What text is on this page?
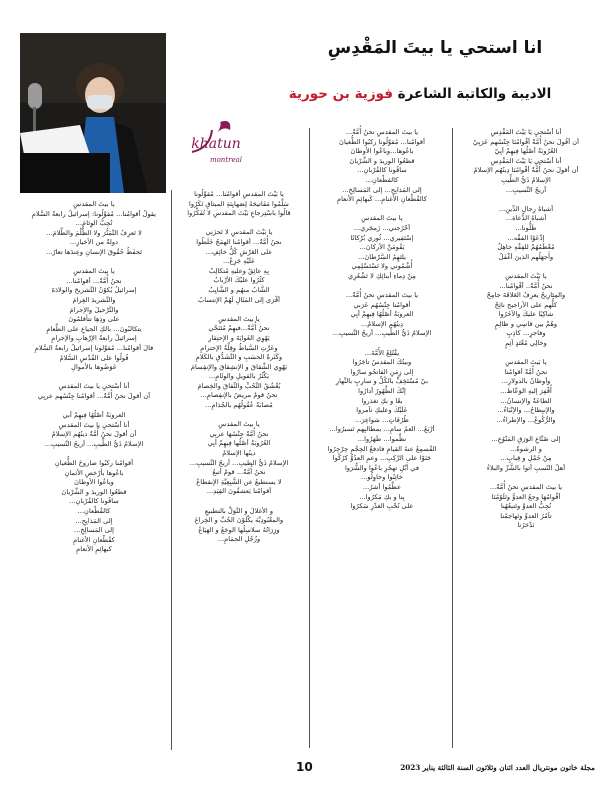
khatun
montreal
انا استحي يا بيتَ المَقْدِسِ
الاديبة والكاتبة الشاعرة فوزية بن حورية
أنا أسْتحيِ يَا بَيْتَ المَقْدِسِ
أن أقُولَ نحنُ أُمَّةٌ أقْوامُنَا جِنْسُهم عَرَبِيّ
العُرُوبَةُ أصْلُها فِيهِمْ أبِيّ
أنا أسْتحيِ يَا بَيْتَ المَقْدِسِ
أن أقولَ نحنُ أُمَّةٌ أقْوامُنَا دِينُهُم الإسلامُ
الإسلامُ ذَيُّ الطِّيبِ
أريجُ النَّسيبِ...

أشباهُ رِجالِ الدِّينِ...
أشباهُ الدُّعاة...
ظَلُّونا...
إدَّعَوْا الفقْه...
مُعْظَمُهُمْ للفِقْهِ جاهِلُ
وأَجهَلُهم الذينَ أغْفَلُ

يا بَيْتَ المقدسِ
نحنُ أُمَّةٌ.. أقْوامُنا...
والمِتَارِيحُ يعرِفُ العَلاقَةَ جامِحٌ
كلُّهم على الأراجيح نائِحٌ
شاكِيًا عليكَ والآخَرُوا
وهُمْ بين قاسِي و ظالِمٍ
وفاجرٍ... كاذِبٍ
وخالِي مُعْتَدٍ آثِمٍ

يا بَيتَ المقدسِ
نحنُ أُمَّةٌ أقوامُنا
وأوطانٌ بالدولارِ...
أُقْفِرَ إليهِ الوَعّاظ...
الطاعَةُ والإنسانُ...
والإنبِطاحُ... والإنْبَاءُ...
والرُّكُوعُ... والإطراءُ...

إلى صُنَّاعِ الوَرَقِ المَنْوُعِ...
و الرشوةُ...
مِنْ خَمْلِ و قِبابٍ...
أهلُ النّسبِ أتوا بالشَّرِّ والبلاءُ

يا بيتَ المقدسِ نحنُ أُمَّةٌ...
أقْوامُهَا وجعُ العدوُّ وتَلَوّمُنَا
نُحِبُّ العدوَّ وتَتبعُهُنا
تآمُرُ العدوِّ وتَهاجمُنا
نَدْحَرُنا
يا بيتَ المقدسِ نحنُ أُمَّةٌ...
أقوامُنا... مُقوَّلُونا ركبُوا الطُّغيانَ
باعُوها...وباعُوا الأوطانَ
قطعُوا الوريدَ و الشِّرْيانَ
ساقُونا كالقُرْبانِ...
كالقطْعانِ...
إلى المَذابِحِ... إلى المَسالِخِ...
كالقُطْعانِ الأغنامِ... كَبهائِمِ الأنعامِ

يا بيتَ المقدسِ
أحْرُجني... زَمجَري...
إسْتَفِيري... ثُوري بُرْكانًا
يَقُومَنَّ الأركانَ...
يلتَهِمُ السَّرْطانَ...
أُشْمُوني ولا تَسْتَسْلِمِي
مِنْ دِماءِ أبنائِكِ لا تَشْعُرِي

يا بيتَ المقدسِ نحنُ أُمَّةٌ...
أقوامُنا جِنْسُهُم عَرَبي
العروبَةُ أصْلُهُا فِيهِمْ أبِي
دِينُهُم الإسلامُ...
الإسلامُ ذَيُّ الطِّيبِ... أريجُ النَّسيبِ...

يقْتُلِعُ الأُمَّةَ...
وبيتُكَ المقدسُ تاجَرُوا
إلى زِمَنِ الفاتحُو سارُوا
بيْ مُسْتَخِفٍّ بالكُلِّ و سارِبٍ بالنَّهارِ
إنَّكَ الطَّهُورُ أدارُوا
بعًا و بكِ تغذروا
عَلَيْكَ وعليكِ تآمروا
ظُرُفَاتٍ... شواعِرَ...
أرْبَعُ... العمُ سامِ... بمطالبِهم تَسبرُوا...
نظَّموا... طَهَرُوا...
القُسمِعُ عنهُ القيامِ فادفعُ الحِجْمِ حِرْحِرُوا
جَنَوْا على الرَّكِبِ... وعمِ العدُوُّ كرُكُوا
في أَبْلِ تهجُرِ باعُوا والشُّرَوا
خائِنُوا وحاوِلُو...
عظَّمُوا أشرُ...
بِنا و بكِ مَكرُوا...
على نُحْبِ الغدْرِ سَكرُوا
يا بَيْتَ المقدسِ أقوامُنا... مُقوَّلُونا
سَلَّمُوا مَفَاتيحَهُ لِصَهايِنَةِ الميثاقِ تَكَرُوا
قالُوا باسْتِرجاعِ بَيْتَ المقدسِ لا تُفَكِّرُوا

يا بَيْتَ المقدسِ لا تَحزَنِي
نحنُ أُمَّةٌ... أقوامُنا الهمَجُ خَلَطُوا
على العَرْشِ كُلُّ خائِفٍ...
عَلَيْهِ جَزِعٌ...
بِهِ عائِقٌ وعليهِ مُتكالِبٌ
كثُرُوا عليْكَ الأرْبابُ
الشَّابُ منهُم و الشَّايِبُ
أقْرَى إلى المَثَالِ لَهُمْ الإنتسابُ

يا بيتَ المقدسِ
نحنُ أُمَّةٌ...فيهِمْ مُتَنَحّي
يَهْوِي الغَوايَةَ و الإحتِقارِ
وعَرَّتِ السَّباطُ وقِلَّةُ الإحترامِ
وكَثَرةُ الحسَبِ و التَّشَدُّقِ بالكَلامِ
يَهْوِي الشِّقاقَ و الإنشِقاقَ والإنقِسامَ
يَكْثُرُ بالقويلِ والوِئَامِ...
يُعْشُقُ التَّحُبِّ والنِّفاقَ والخِصامَ
نحنُ قومٌ مريضٌ بالإنفِصامِ...
مُصابَةٌ عُقُولُهُم بالجُذامِ...

يا بيتَ المقدسِ
نحنُ أُمَّةٌ جِنْسُهَا عربِي
العُرُوبَةُ أصْلُها فِيهِمْ أبِي
دينُها الإسلامُ
الإسلامُ ذَيُّ الطيبِ... أريجُ النَّسيبِ...
نحنُ أُمَّةٌ... قومٌ أتبعُ
لا يستطيعُ عن الشَّبِعِيَّةِ الإنقطاعُ
أقوامُنا يَعشقُونَ القِيَدِ...

و الأغلالَ و التَّوَلَّ بالتطبيعِ
والمعْبُودِيَّة يكْلَوْنَ الحُبَّ و الخِراعَ
وزِرَاتُهُ سلاسِلُها الوجَعُ و الهَيَاعُ
وزُجُلِ الحمَامِ...
يا بيتَ المقدسِ
يقولُ أقوامُنا... مُقوَّلُونا: إسرائيلُ رابعةُ السَّلامِ
تُحِبُّ الوِئامَ...
لا تَعرِفُ التَّمَنُّرَ ولا الظُّلْمَ والظَّلامَ...
دولةٌ من الأخيارِ...
تَحفَظُ حُقُوقَ الإنسانِ وعِندَها تعارٌ...

يا بيتَ المقدسِ
نحنُ أُمَّةٌ... أقوامُنا...
إسرائيلُ يُكوّنُ التَّشريحَ والولادَةَ
والتَّشريدَ الغِرامَ
والتَّرْحيلَ والإجرامَ
على وذِهِا تتأقلمُونَ
يتكالبُونَ... بالكِ الجياعِ على الطَّعامِ
إسرائيلُ رابعةُ الإرْهابِ والإجرامِ
قالَ أقوامُنا... مُقوَّلونا إسرائيلُ رابعةُ السَّلامِ
قُولُوا على القُدْسِ السَّلامُ
عَوَضُوها بالأموالِ

أنا أسْتحيِ يا بيتَ المقدسِ
أن أقولَ نحنُ أُمَّةٌ... أقوامُنا جِنْسُهم عربِي

العروبَةُ أصْلُهُا فِيهِمْ أبي
أنا أسْتحيِ يا بيتَ المقدسِ
أن أقولَ نحنُ أُمَّةٌ دينُهُم الإسلامُ
الإسلامُ ذَيُّ الطِّيبِ... أريجُ النَّسيبِ...

أقوامُنا ركبُوا صاروخَ الطُّغيانِ
باعُوها بأرْخصِ الأثمانِ
وباعُوا الأوطانَ
قطعُوا الوريدَ و الشِّرْيانَ
ساقُونا كالقُرْبانِ...
كالقُطْعانِ...
إلى المَذابِحِ...
إلى المَسالِخِ...
كقُطْعانِ الأغنامِ
كبهائِمِ الأنعامِ
10	مجلة خاتون مونتريال العدد اثنان وثلاثون السنة الثالثة يناير 2023
